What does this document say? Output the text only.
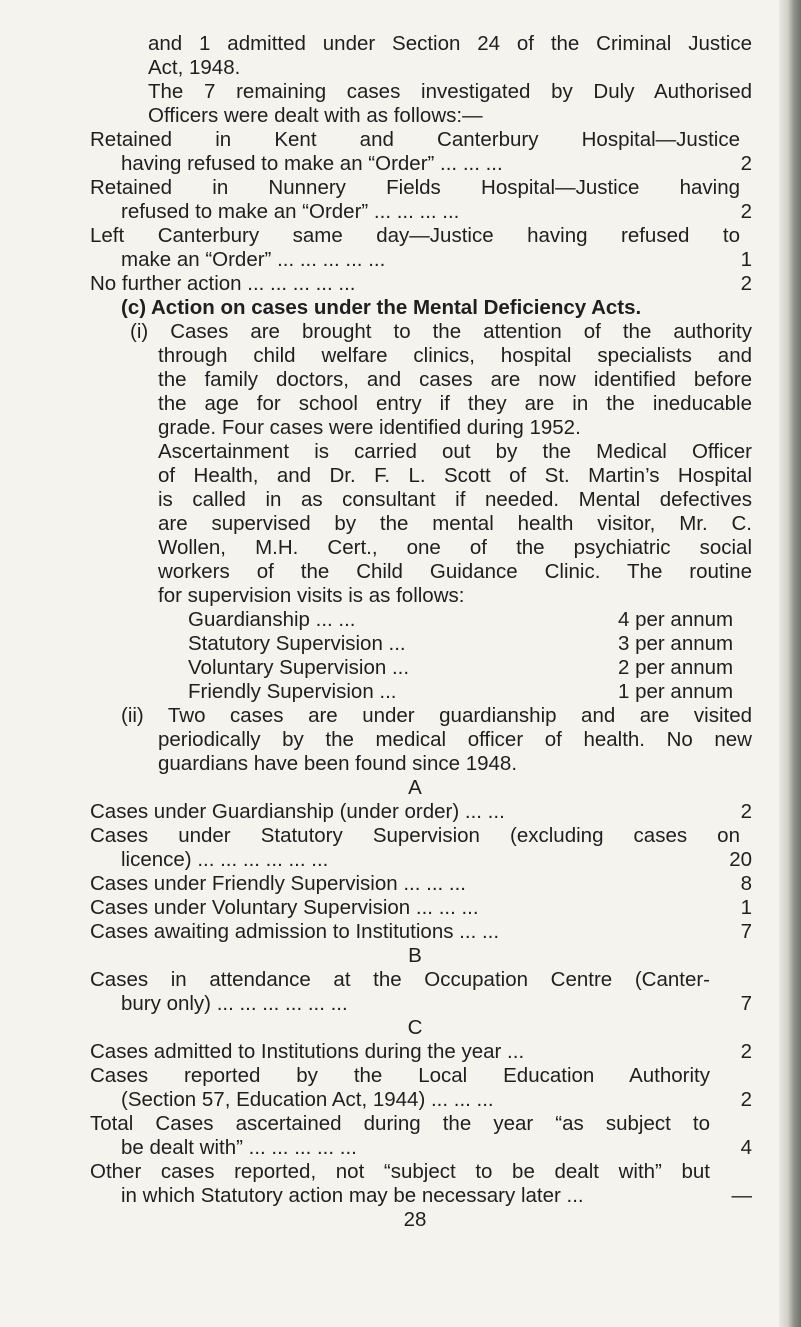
and 1 admitted under Section 24 of the Criminal Justice
Act, 1948.
The 7 remaining cases investigated by Duly Authorised
Officers were dealt with as follows:—
Retained in Kent and Canterbury Hospital—Justice
having refused to make an “Order” ... ... ...	2
Retained in Nunnery Fields Hospital—Justice having
refused to make an “Order” ... ... ... ...	2
Left Canterbury same day—Justice having refused to
make an “Order” ... ... ... ... ...	1
No further action ... ... ... ... ...	2
(c) Action on cases under the Mental Deficiency Acts.
(i) Cases are brought to the attention of the authority
through child welfare clinics, hospital specialists and
the family doctors, and cases are now identified before
the age for school entry if they are in the ineducable
grade. Four cases were identified during 1952.
Ascertainment is carried out by the Medical Officer
of Health, and Dr. F. L. Scott of St. Martin’s Hospital
is called in as consultant if needed. Mental defectives
are supervised by the mental health visitor, Mr. C.
Wollen, M.H. Cert., one of the psychiatric social
workers of the Child Guidance Clinic. The routine
for supervision visits is as follows:
Guardianship ... ...	4 per annum
Statutory Supervision ...	3 per annum
Voluntary Supervision ...	2 per annum
Friendly Supervision ...	1 per annum
(ii) Two cases are under guardianship and are visited
periodically by the medical officer of health. No new
guardians have been found since 1948.
A
Cases under Guardianship (under order) ... ...	2
Cases under Statutory Supervision (excluding cases on
licence) ... ... ... ... ... ...	20
Cases under Friendly Supervision ... ... ...	8
Cases under Voluntary Supervision ... ... ...	1
Cases awaiting admission to Institutions ... ...	7
B
Cases in attendance at the Occupation Centre (Canter-
bury only) ... ... ... ... ... ...	7
C
Cases admitted to Institutions during the year ...	2
Cases reported by the Local Education Authority
(Section 57, Education Act, 1944) ... ... ...	2
Total Cases ascertained during the year “as subject to
be dealt with” ... ... ... ... ...	4
Other cases reported, not “subject to be dealt with” but
in which Statutory action may be necessary later ...	—
28
